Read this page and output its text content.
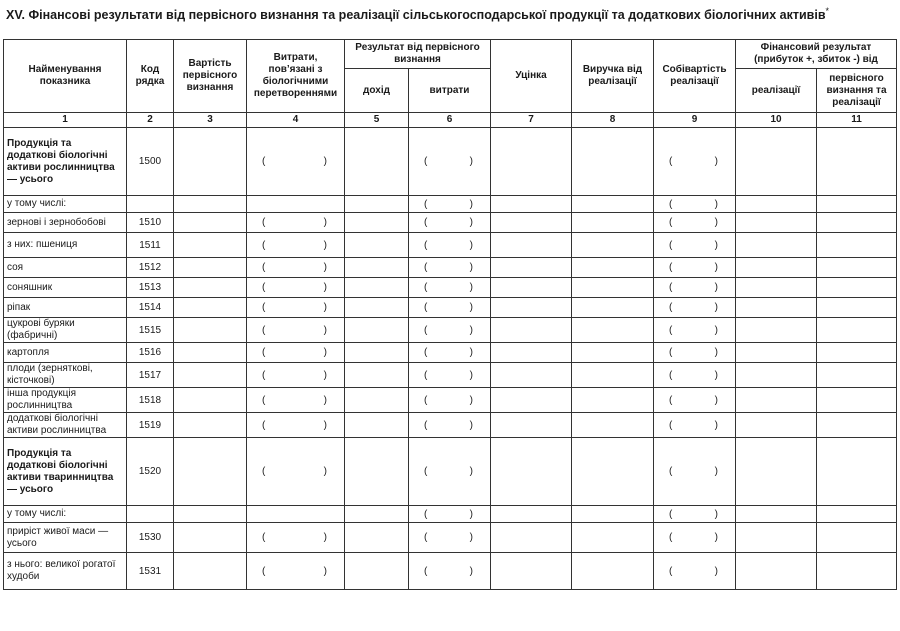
XV. Фінансові результати від первісного визнання та реалізації сільськогосподарської продукції та додаткових біологічних активів*
Найменування показника	Код рядка	Вартість первісного визнання	Витрати, пов’язані з біологічними перетвореннями	Результат від первісного визнання		Уцінка	Виручка від реалізації	Собівартість реалізації	Фінансовий результат (прибуток +, збиток -) від	
				дохід	витрати				реалізації	первісного визнання та реалізації
1	2	3	4	5	6	7	8	9	10	11
Продукція та додаткові біологічні активи рослинництва — усього	1500		( )		( )			( )		

у тому числі:					( )			( )		

зернові і зернобобові	1510		( )		( )			( )		

з них: пшениця	1511		( )		( )			( )		

соя	1512		( )		( )			( )		

соняшник	1513		( )		( )			( )		

ріпак	1514		( )		( )			( )		

цукрові буряки (фабричні)	1515		( )		( )			( )		

картопля	1516		( )		( )			( )		

плоди (зерняткові, кісточкові)	1517		( )		( )			( )		

інша продукція рослинництва	1518		( )		( )			( )		

додаткові біологічні активи рослинництва	1519		( )		( )			( )		

Продукція та додаткові біологічні активи тваринництва — усього	1520		( )		( )			( )		

у тому числі:					( )			( )		

приріст живої маси — усього	1530		( )		( )			( )		

з нього: великої рогатої худоби	1531		( )		( )			( )		
